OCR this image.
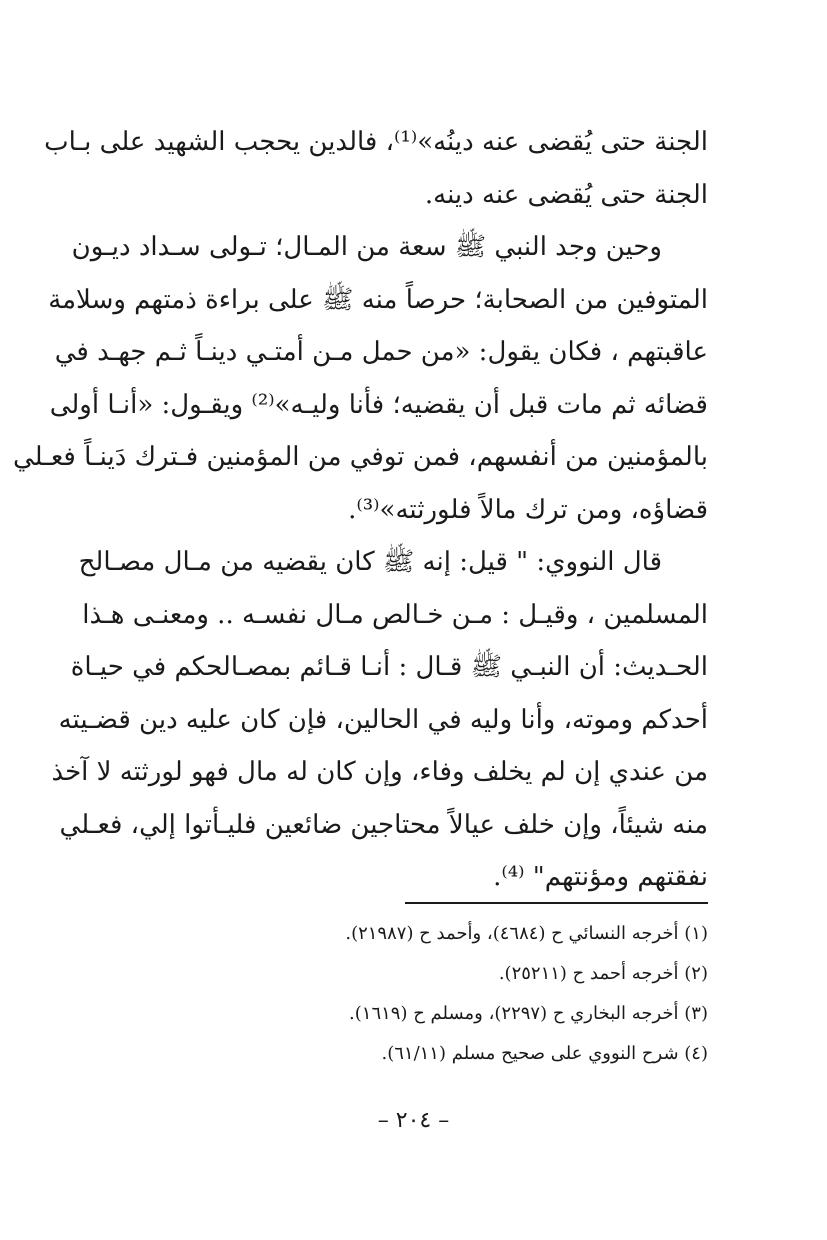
الجنة حتى يُقضى عنه دينُه»⁽¹⁾، فالدين يحجب الشهيد على بـاب
الجنة حتى يُقضى عنه دينه.
وحين وجد النبي ﷺ سعة من المـال؛ تـولى سـداد ديـون
المتوفين من الصحابة؛ حرصاً منه ﷺ على براءة ذمتهم وسلامة
عاقبتهم ، فكان يقول: «من حمل مـن أمتـي دينـاً ثـم جهـد في
قضائه ثم مات قبل أن يقضيه؛ فأنا وليـه»⁽²⁾ ويقـول: «أنـا أولى
بالمؤمنين من أنفسهم، فمن توفي من المؤمنين فـترك دَينـاً فعـلي
قضاؤه، ومن ترك مالاً فلورثته»⁽³⁾.
قال النووي: " قيل: إنه ﷺ كان يقضيه من مـال مصـالح
المسلمين ، وقيـل : مـن خـالص مـال نفسـه .. ومعنـى هـذا
الحـديث: أن النبـي ﷺ قـال : أنـا قـائم بمصـالحكم في حيـاة
أحدكم وموته، وأنا وليه في الحالين، فإن كان عليه دين قضـيته
من عندي إن لم يخلف وفاء، وإن كان له مال فهو لورثته لا آخذ
منه شيئاً، وإن خلف عيالاً محتاجين ضائعين فليـأتوا إلي، فعـلي
نفقتهم ومؤنتهم" ⁽⁴⁾.
(١) أخرجه النسائي ح (٤٦٨٤)، وأحمد ح (٢١٩٨٧).
(٢) أخرجه أحمد ح (٢٥٢١١).
(٣) أخرجه البخاري ح (٢٢٩٧)، ومسلم ح (١٦١٩).
(٤) شرح النووي على صحيح مسلم (٦١/١١).
– ٢٠٤ –
